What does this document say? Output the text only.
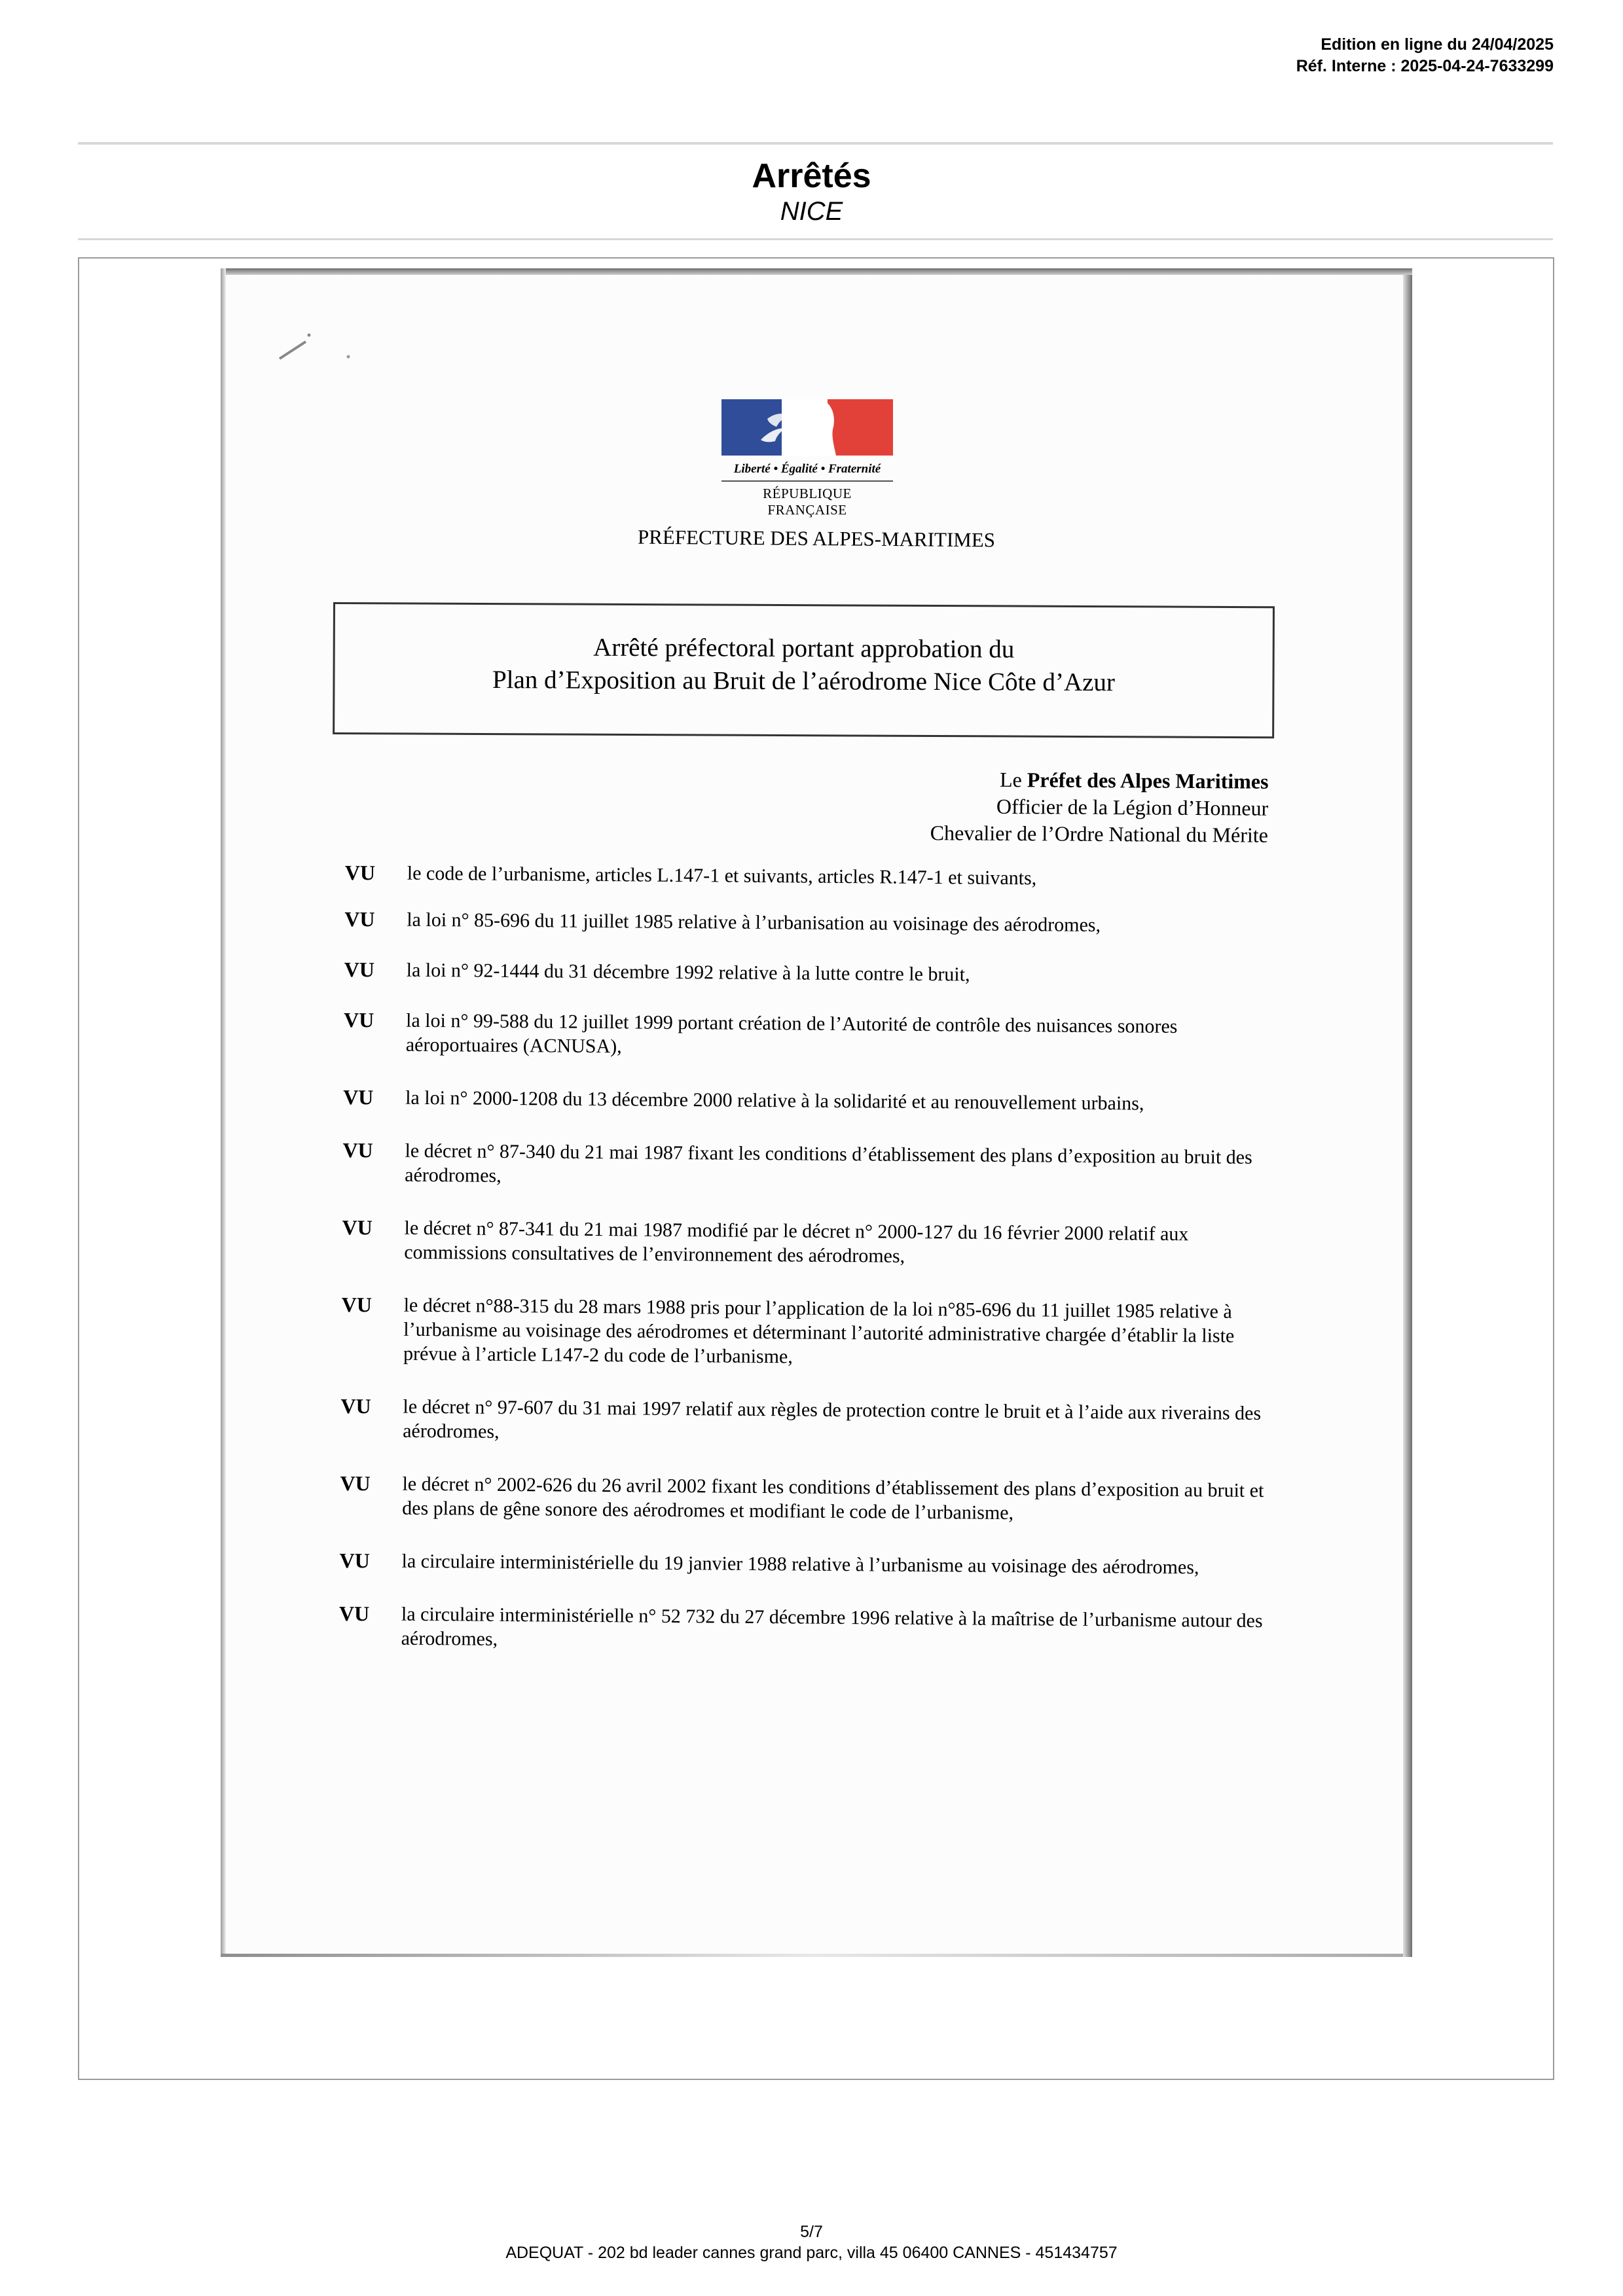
Edition en ligne du 24/04/2025
Réf. Interne : 2025-04-24-7633299
Arrêtés
NICE
Liberté • Égalité • Fraternité
RÉPUBLIQUE FRANÇAISE
PRÉFECTURE DES ALPES-MARITIMES
Arrêté préfectoral portant approbation du
Plan d’Exposition au Bruit de l’aérodrome Nice Côte d’Azur
Le Préfet des Alpes Maritimes
Officier de la Légion d’Honneur
Chevalier de l’Ordre National du Mérite
VU le code de l’urbanisme, articles L.147-1 et suivants, articles R.147-1 et suivants,
VU la loi n° 85-696 du 11 juillet 1985 relative à l’urbanisation au voisinage des aérodromes,
VU la loi n° 92-1444 du 31 décembre 1992 relative à la lutte contre le bruit,
VU la loi n° 99-588 du 12 juillet 1999 portant création de l’Autorité de contrôle des nuisances sonores aéroportuaires (ACNUSA),
VU la loi n° 2000-1208 du 13 décembre 2000 relative à la solidarité et au renouvellement urbains,
VU le décret n° 87-340 du 21 mai 1987 fixant les conditions d’établissement des plans d’exposition au bruit des aérodromes,
VU le décret n° 87-341 du 21 mai 1987 modifié par le décret n° 2000-127 du 16 février 2000 relatif aux commissions consultatives de l’environnement des aérodromes,
VU le décret n°88-315 du 28 mars 1988 pris pour l’application de la loi n°85-696 du 11 juillet 1985 relative à l’urbanisme au voisinage des aérodromes et déterminant l’autorité administrative chargée d’établir la liste prévue à l’article L147-2 du code de l’urbanisme,
VU le décret n° 97-607 du 31 mai 1997 relatif aux règles de protection contre le bruit et à l’aide aux riverains des aérodromes,
VU le décret n° 2002-626 du 26 avril 2002 fixant les conditions d’établissement des plans d’exposition au bruit et des plans de gêne sonore des aérodromes et modifiant le code de l’urbanisme,
VU la circulaire interministérielle du 19 janvier 1988 relative à l’urbanisme au voisinage des aérodromes,
VU la circulaire interministérielle n° 52 732 du 27 décembre 1996 relative à la maîtrise de l’urbanisme autour des aérodromes,
5/7
ADEQUAT - 202 bd leader cannes grand parc, villa 45 06400 CANNES - 451434757
